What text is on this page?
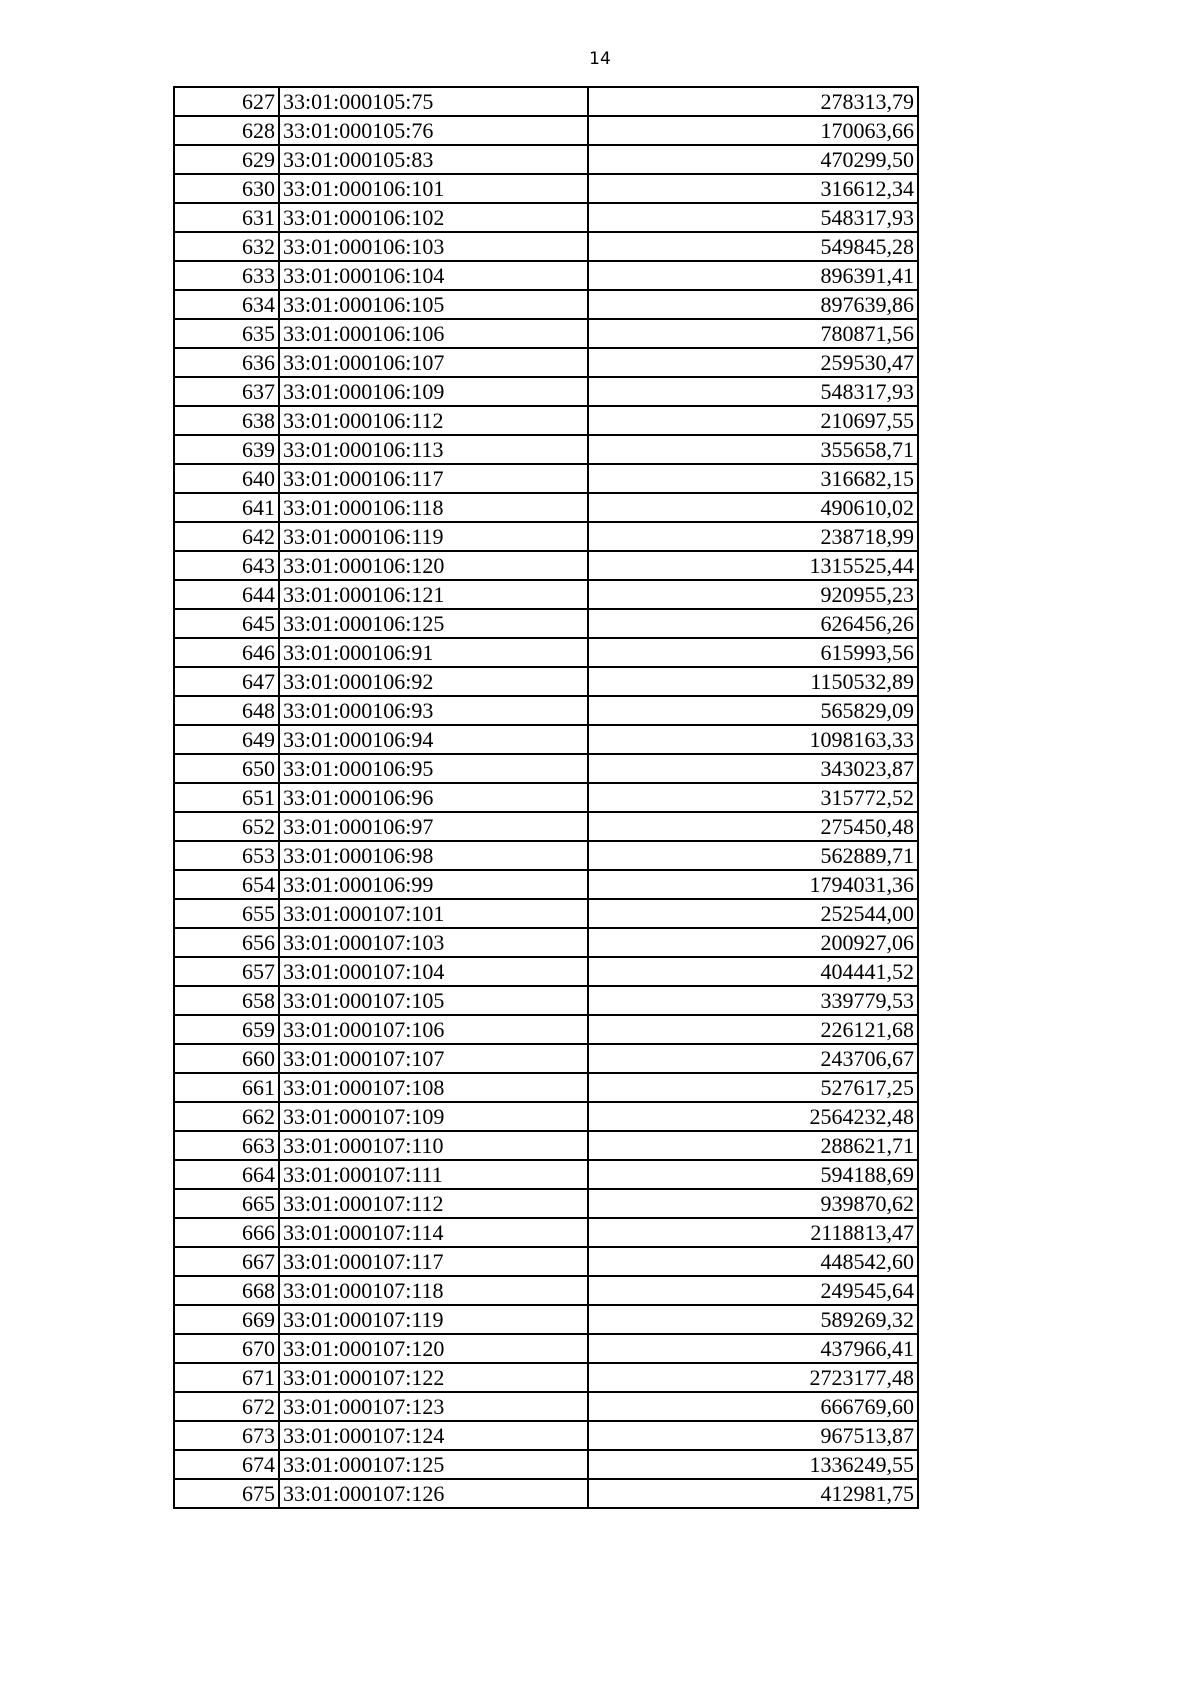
14
627	33:01:000105:75	278313,79
628	33:01:000105:76	170063,66
629	33:01:000105:83	470299,50
630	33:01:000106:101	316612,34
631	33:01:000106:102	548317,93
632	33:01:000106:103	549845,28
633	33:01:000106:104	896391,41
634	33:01:000106:105	897639,86
635	33:01:000106:106	780871,56
636	33:01:000106:107	259530,47
637	33:01:000106:109	548317,93
638	33:01:000106:112	210697,55
639	33:01:000106:113	355658,71
640	33:01:000106:117	316682,15
641	33:01:000106:118	490610,02
642	33:01:000106:119	238718,99
643	33:01:000106:120	1315525,44
644	33:01:000106:121	920955,23
645	33:01:000106:125	626456,26
646	33:01:000106:91	615993,56
647	33:01:000106:92	1150532,89
648	33:01:000106:93	565829,09
649	33:01:000106:94	1098163,33
650	33:01:000106:95	343023,87
651	33:01:000106:96	315772,52
652	33:01:000106:97	275450,48
653	33:01:000106:98	562889,71
654	33:01:000106:99	1794031,36
655	33:01:000107:101	252544,00
656	33:01:000107:103	200927,06
657	33:01:000107:104	404441,52
658	33:01:000107:105	339779,53
659	33:01:000107:106	226121,68
660	33:01:000107:107	243706,67
661	33:01:000107:108	527617,25
662	33:01:000107:109	2564232,48
663	33:01:000107:110	288621,71
664	33:01:000107:111	594188,69
665	33:01:000107:112	939870,62
666	33:01:000107:114	2118813,47
667	33:01:000107:117	448542,60
668	33:01:000107:118	249545,64
669	33:01:000107:119	589269,32
670	33:01:000107:120	437966,41
671	33:01:000107:122	2723177,48
672	33:01:000107:123	666769,60
673	33:01:000107:124	967513,87
674	33:01:000107:125	1336249,55
675	33:01:000107:126	412981,75
